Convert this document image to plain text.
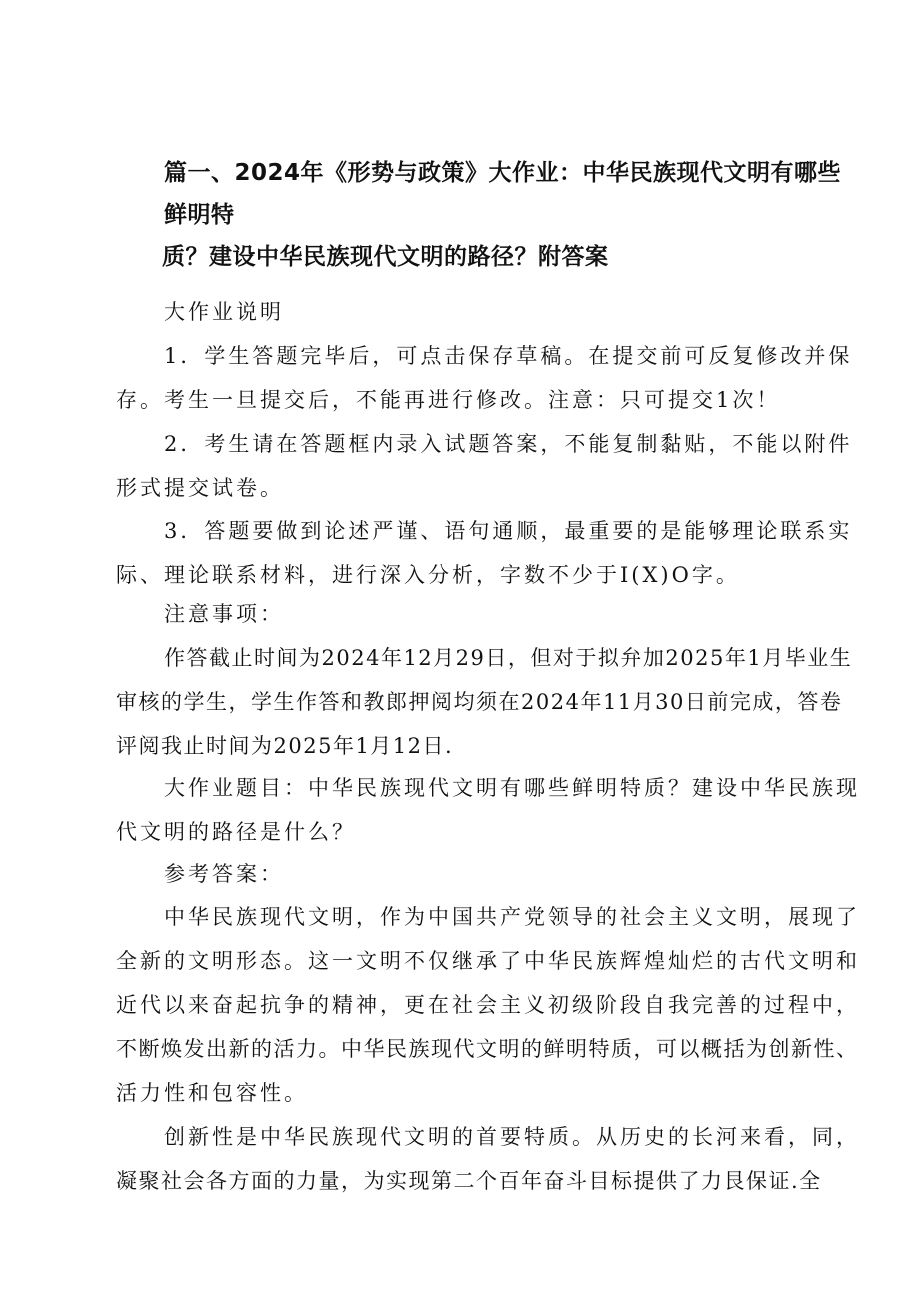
篇一、2024年《形势与政策》大作业：中华民族现代文明有哪些鲜明特
质？建设中华民族现代文明的路径？附答案

大作业说明

1．学生答题完毕后，可点击保存草稿。在提交前可反复修改并保
存。考生一旦提交后，不能再进行修改。注意：只可提交1次！

2．考生请在答题框内录入试题答案，不能复制黏贴，不能以附件
形式提交试卷。

3．答题要做到论述严谨、语句通顺，最重要的是能够理论联系实
际、理论联系材料，进行深入分析，字数不少于I(X)O字。

注意事项：

作答截止时间为2024年12月29日，但对于拟弁加2025年1月毕业生
审核的学生，学生作答和教郎押阅均须在2024年11月30日前完成，答卷
评阅我止时间为2025年1月12日.

大作业题目：中华民族现代文明有哪些鲜明特质？建设中华民族现
代文明的路径是什么？

参考答案：

中华民族现代文明，作为中国共产党领导的社会主义文明，展现了
全新的文明形态。这一文明不仅继承了中华民族辉煌灿烂的古代文明和
近代以来奋起抗争的精神，更在社会主义初级阶段自我完善的过程中，
不断焕发出新的活力。中华民族现代文明的鲜明特质，可以概括为创新性、
活力性和包容性。

创新性是中华民族现代文明的首要特质。从历史的长河来看，同，
凝聚社会各方面的力量，为实现第二个百年奋斗目标提供了力艮保证.全
